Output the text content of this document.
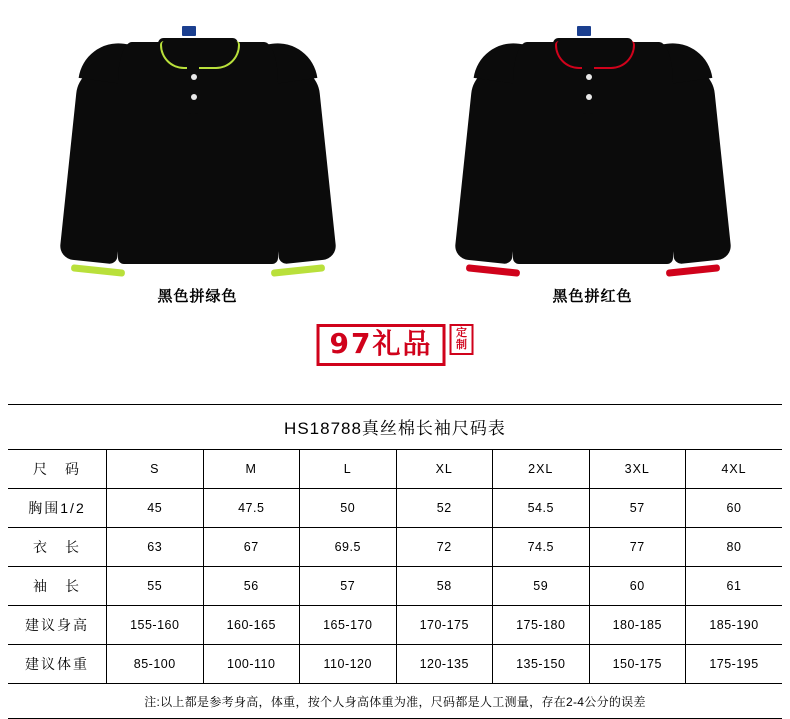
黑色拼绿色	黑色拼红色
97礼品	定
制
HS18788真丝棉长袖尺码表
尺　码	S	M	L	XL	2XL	3XL	4XL
胸围1/2	45	47.5	50	52	54.5	57	60
衣　长	63	67	69.5	72	74.5	77	80
袖　长	55	56	57	58	59	60	61
建议身高	155-160	160-165	165-170	170-175	175-180	180-185	185-190
建议体重	85-100	100-110	110-120	120-135	135-150	150-175	175-195
注:以上都是参考身高，体重，按个人身高体重为准，尺码都是人工测量，存在2-4公分的误差
